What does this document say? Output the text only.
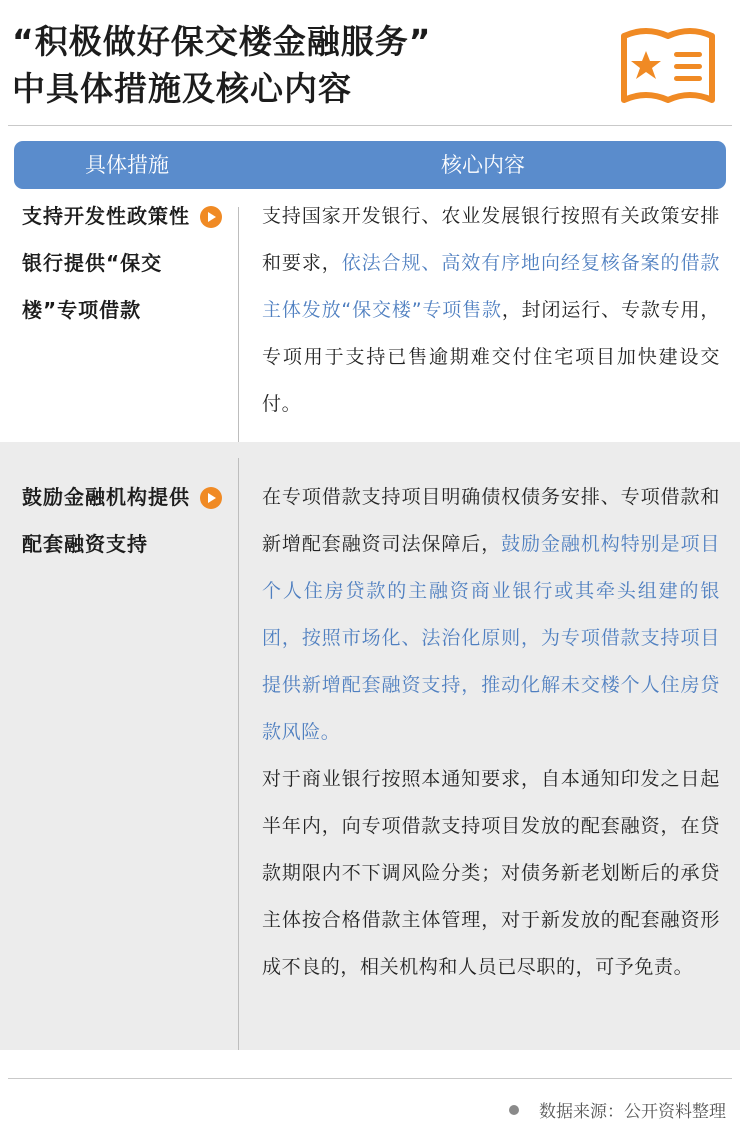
“积极做好保交楼金融服务”
中具体措施及核心内容
具体措施	核心内容
支持开发性政策性银行提供“保交楼”专项借款

支持国家开发银行、农业发展银行按照有关政策安排和要求，依法合规、高效有序地向经复核备案的借款主体发放“保交楼”专项售款，封闭运行、专款专用，专项用于支持已售逾期难交付住宅项目加快建设交付。

鼓励金融机构提供配套融资支持

在专项借款支持项目明确债权债务安排、专项借款和新增配套融资司法保障后，鼓励金融机构特别是项目个人住房贷款的主融资商业银行或其牵头组建的银团，按照市场化、法治化原则，为专项借款支持项目提供新增配套融资支持，推动化解未交楼个人住房贷款风险。

对于商业银行按照本通知要求，自本通知印发之日起半年内，向专项借款支持项目发放的配套融资，在贷款期限内不下调风险分类；对债务新老划断后的承贷主体按合格借款主体管理，对于新发放的配套融资形成不良的，相关机构和人员已尽职的，可予免责。

数据来源：公开资料整理
